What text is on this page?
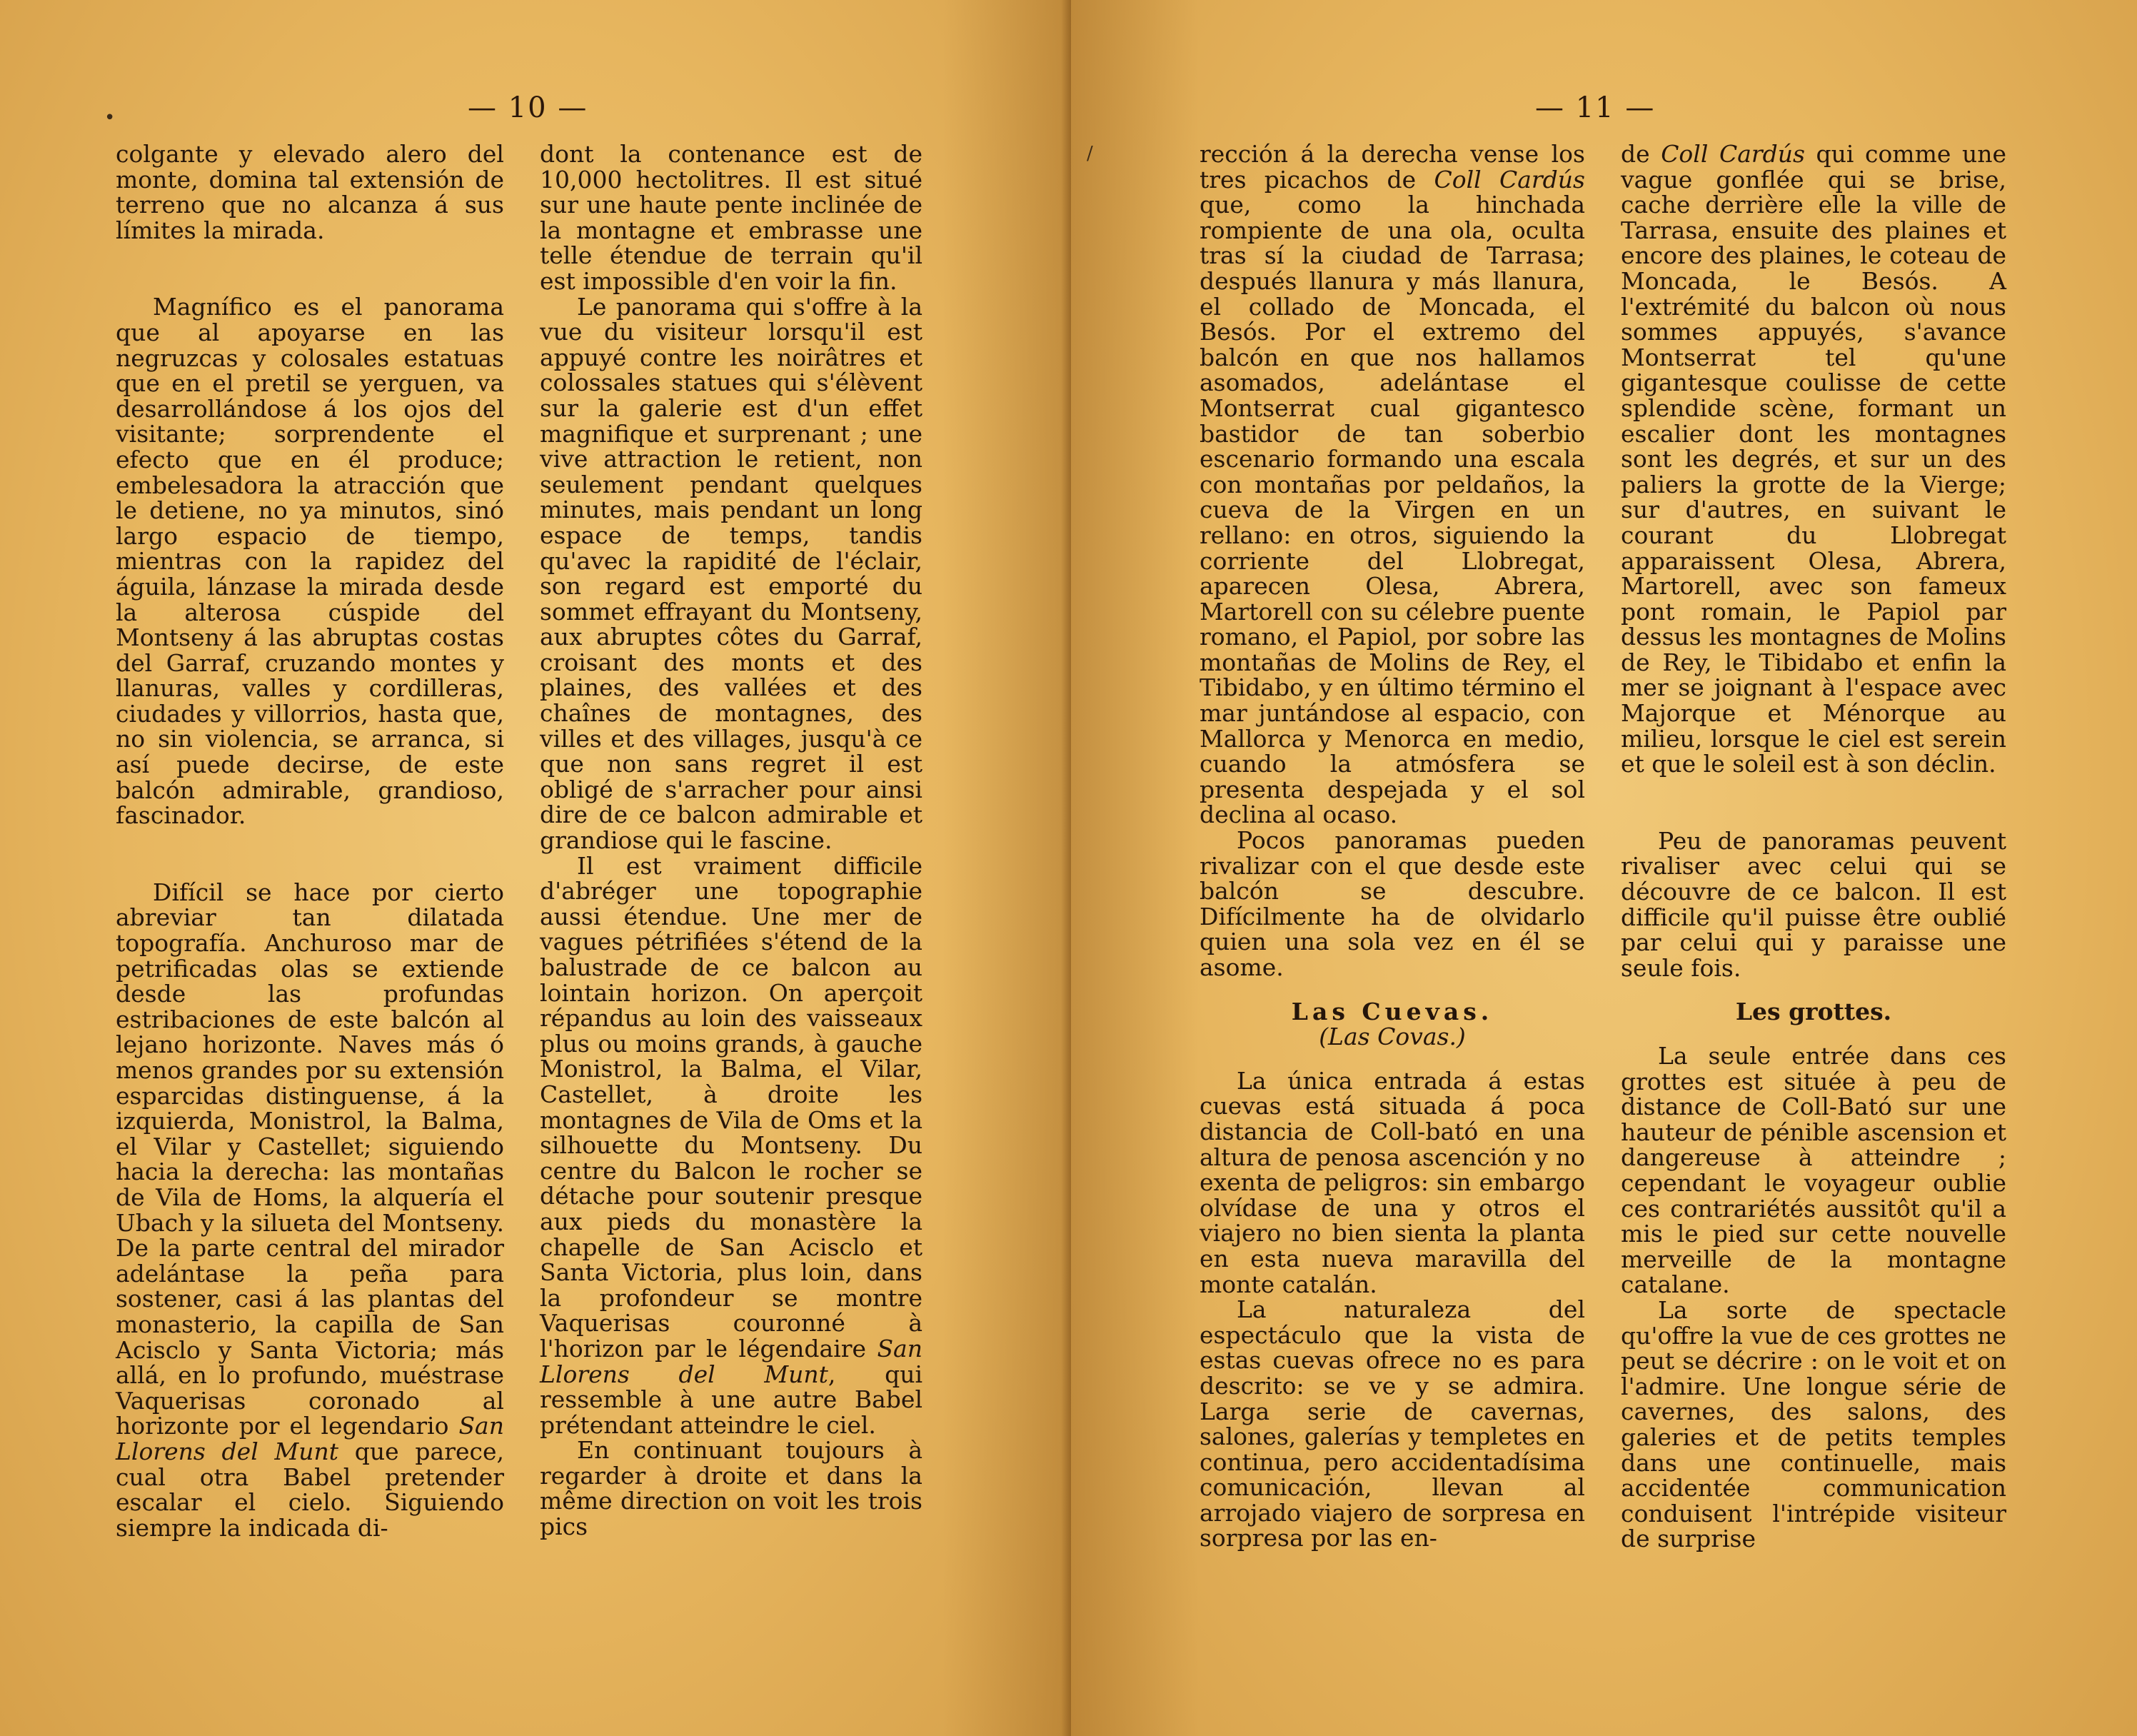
— 10 —

colgante y elevado alero del monte, domina tal extensión de terreno que no alcanza á sus límites la mirada.

Magnífico es el panorama que al apoyarse en las negruzcas y colosales estatuas que en el pretil se yerguen, va desarrollándose á los ojos del visitante; sorprendente el efecto que en él produce; embelesadora la atracción que le detiene, no ya minutos, sinó largo espacio de tiempo, mientras con la rapidez del águila, lánzase la mirada desde la alterosa cúspide del Montseny á las abruptas costas del Garraf, cruzando montes y llanuras, valles y cordilleras, ciudades y villorrios, hasta que, no sin violencia, se arranca, si así puede decirse, de este balcón admirable, grandioso, fascinador.

Difícil se hace por cierto abreviar tan dilatada topografía. Anchuroso mar de petrificadas olas se extiende desde las profundas estribaciones de este balcón al lejano horizonte. Naves más ó menos grandes por su extensión esparcidas distinguense, á la izquierda, Monistrol, la Balma, el Vilar y Castellet; siguiendo hacia la derecha: las montañas de Vila de Homs, la alquería el Ubach y la silueta del Montseny. De la parte central del mirador adelántase la peña para sostener, casi á las plantas del monasterio, la capilla de San Acisclo y Santa Victoria; más allá, en lo profundo, muéstrase Vaquerisas coronado al horizonte por el legendario San Llorens del Munt que parece, cual otra Babel pretender escalar el cielo. Siguiendo siempre la indicada di-

dont la contenance est de 10,000 hectolitres. Il est situé sur une haute pente inclinée de la montagne et embrasse une telle étendue de terrain qu'il est impossible d'en voir la fin.

Le panorama qui s'offre à la vue du visiteur lorsqu'il est appuyé contre les noirâtres et colossales statues qui s'élèvent sur la galerie est d'un effet magnifique et surprenant ; une vive attraction le retient, non seulement pendant quelques minutes, mais pendant un long espace de temps, tandis qu'avec la rapidité de l'éclair, son regard est emporté du sommet effrayant du Montseny, aux abruptes côtes du Garraf, croisant des monts et des plaines, des vallées et des chaînes de montagnes, des villes et des villages, jusqu'à ce que non sans regret il est obligé de s'arracher pour ainsi dire de ce balcon admirable et grandiose qui le fascine.

Il est vraiment difficile d'abréger une topographie aussi étendue. Une mer de vagues pétrifiées s'étend de la balustrade de ce balcon au lointain horizon. On aperçoit répandus au loin des vaisseaux plus ou moins grands, à gauche Monistrol, la Balma, el Vilar, Castellet, à droite les montagnes de Vila de Oms et la silhouette du Montseny. Du centre du Balcon le rocher se détache pour soutenir presque aux pieds du monastère la chapelle de San Acisclo et Santa Victoria, plus loin, dans la profondeur se montre Vaquerisas couronné à l'horizon par le légendaire San Llorens del Munt, qui ressemble à une autre Babel prétendant atteindre le ciel.

En continuant toujours à regarder à droite et dans la même direction on voit les trois pics

•	— 11 —

rección á la derecha vense los tres picachos de Coll Cardús que, como la hinchada rompiente de una ola, oculta tras sí la ciudad de Tarrasa; después llanura y más llanura, el collado de Moncada, el Besós. Por el extremo del balcón en que nos hallamos asomados, adelántase el Montserrat cual gigantesco bastidor de tan soberbio escenario formando una escala con montañas por peldaños, la cueva de la Virgen en un rellano: en otros, siguiendo la corriente del Llobregat, aparecen Olesa, Abrera, Martorell con su célebre puente romano, el Papiol, por sobre las montañas de Molins de Rey, el Tibidabo, y en último término el mar juntándose al espacio, con Mallorca y Menorca en medio, cuando la atmósfera se presenta despejada y el sol declina al ocaso.

Pocos panoramas pueden rivalizar con el que desde este balcón se descubre. Difícilmente ha de olvidarlo quien una sola vez en él se asome.

Las Cuevas.

(Las Covas.)

La única entrada á estas cuevas está situada á poca distancia de Coll-bató en una altura de penosa ascención y no exenta de peligros: sin embargo olvídase de una y otros el viajero no bien sienta la planta en esta nueva maravilla del monte catalán.

La naturaleza del espectáculo que la vista de estas cuevas ofrece no es para descrito: se ve y se admira. Larga serie de cavernas, salones, galerías y templetes en continua, pero accidentadísima comunicación, llevan al arrojado viajero de sorpresa en sorpresa por las en-

de Coll Cardús qui comme une vague gonflée qui se brise, cache derrière elle la ville de Tarrasa, ensuite des plaines et encore des plaines, le coteau de Moncada, le Besós. A l'extrémité du balcon où nous sommes appuyés, s'avance Montserrat tel qu'une gigantesque coulisse de cette splendide scène, formant un escalier dont les montagnes sont les degrés, et sur un des paliers la grotte de la Vierge; sur d'autres, en suivant le courant du Llobregat apparaissent Olesa, Abrera, Martorell, avec son fameux pont romain, le Papiol par dessus les montagnes de Molins de Rey, le Tibidabo et enfin la mer se joignant à l'espace avec Majorque et Ménorque au milieu, lorsque le ciel est serein et que le soleil est à son déclin.

Peu de panoramas peuvent rivaliser avec celui qui se découvre de ce balcon. Il est difficile qu'il puisse être oublié par celui qui y paraisse une seule fois.

Les grottes.

La seule entrée dans ces grottes est située à peu de distance de Coll-Bató sur une hauteur de pénible ascension et dangereuse à atteindre ; cependant le voyageur oublie ces contrariétés aussitôt qu'il a mis le pied sur cette nouvelle merveille de la montagne catalane.

La sorte de spectacle qu'offre la vue de ces grottes ne peut se décrire : on le voit et on l'admire. Une longue série de cavernes, des salons, des galeries et de petits temples dans une continuelle, mais accidentée communication conduisent l'intrépide visiteur de surprise

/
